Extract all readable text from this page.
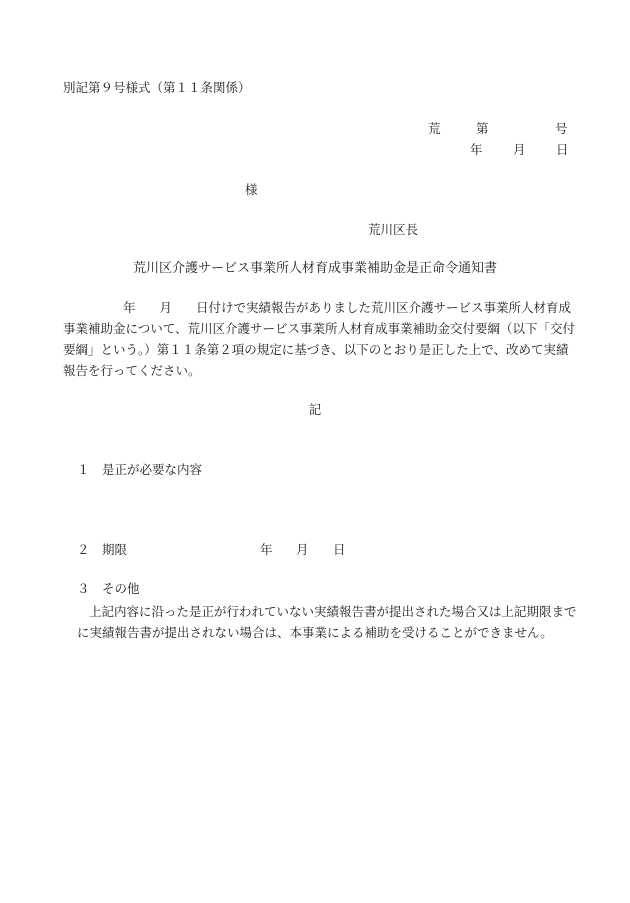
別記第９号様式（第１１条関係）
荒	第	号
年 月 日
様
荒川区長
荒川区介護サービス事業所人材育成事業補助金是正命令通知書
年 月 日付けで実績報告がありました荒川区介護サービス事業所人材育成
事業補助金について、荒川区介護サービス事業所人材育成事業補助金交付要綱（以下「交付
要綱」という。）第１１条第２項の規定に基づき、以下のとおり是正した上で、改めて実績
報告を行ってください。
記
１　是正が必要な内容
２　期限	年 月 日
３　その他
上記内容に沿った是正が行われていない実績報告書が提出された場合又は上記期限まで
に実績報告書が提出されない場合は、本事業による補助を受けることができません。
